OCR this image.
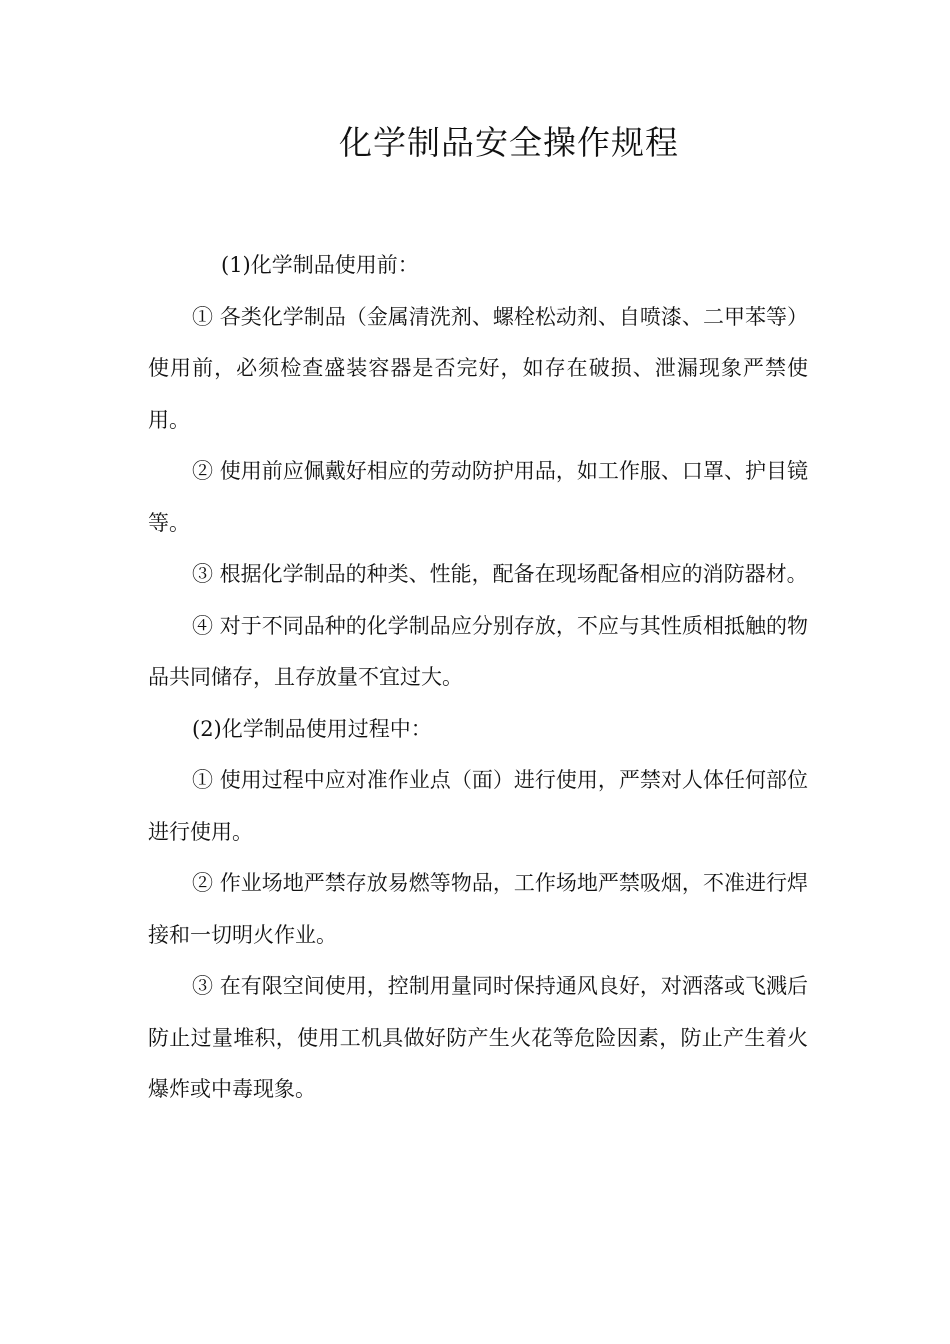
化学制品安全操作规程

(1)化学制品使用前：

① 各类化学制品（金属清洗剂、螺栓松动剂、自喷漆、二甲苯等）使用前，必须检查盛装容器是否完好，如存在破损、泄漏现象严禁使用。

② 使用前应佩戴好相应的劳动防护用品，如工作服、口罩、护目镜等。

③ 根据化学制品的种类、性能，配备在现场配备相应的消防器材。

④ 对于不同品种的化学制品应分别存放，不应与其性质相抵触的物品共同储存，且存放量不宜过大。

(2)化学制品使用过程中：

① 使用过程中应对准作业点（面）进行使用，严禁对人体任何部位进行使用。

② 作业场地严禁存放易燃等物品，工作场地严禁吸烟，不准进行焊接和一切明火作业。

③ 在有限空间使用，控制用量同时保持通风良好，对洒落或飞溅后防止过量堆积，使用工机具做好防产生火花等危险因素，防止产生着火爆炸或中毒现象。
